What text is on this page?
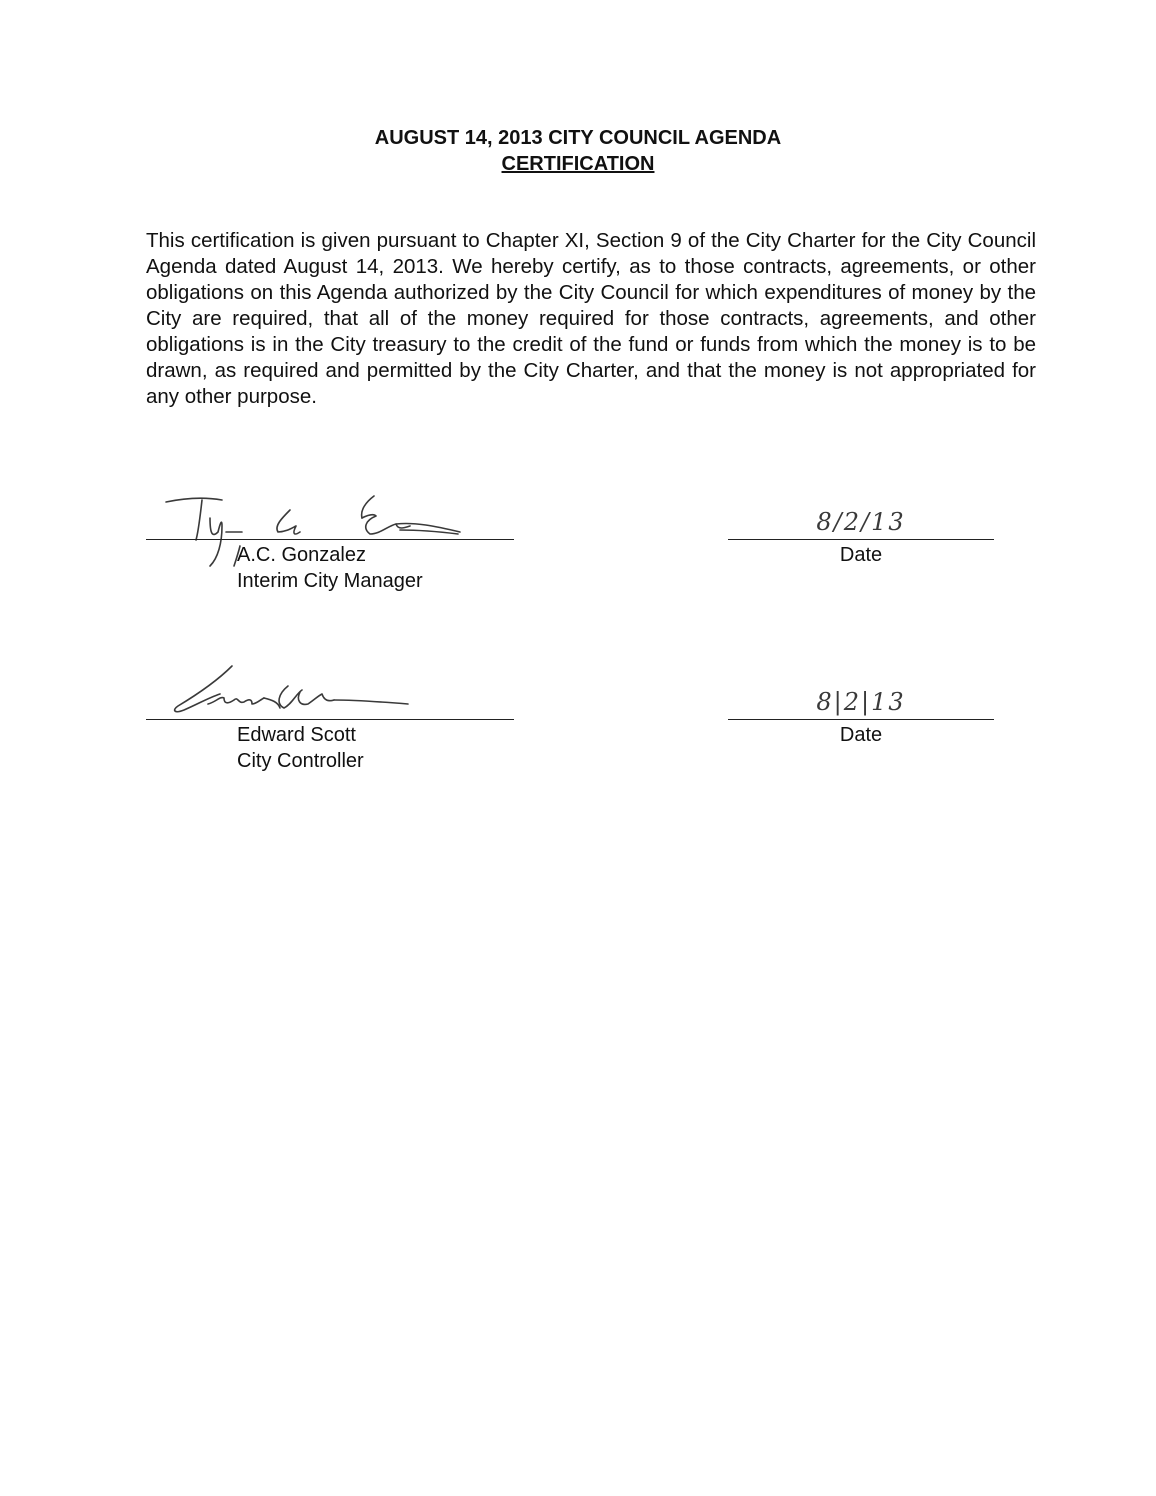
AUGUST 14, 2013 CITY COUNCIL AGENDA
CERTIFICATION
This certification is given pursuant to Chapter XI, Section 9 of the City Charter for the City Council Agenda dated August 14, 2013. We hereby certify, as to those contracts, agreements, or other obligations on this Agenda authorized by the City Council for which expenditures of money by the City are required, that all of the money required for those contracts, agreements, and other obligations is in the City treasury to the credit of the fund or funds from which the money is to be drawn, as required and permitted by the City Charter, and that the money is not appropriated for any other purpose.
8/2/13
A.C. Gonzalez
Interim City Manager
Date
8|2|13
Edward Scott
City Controller
Date
